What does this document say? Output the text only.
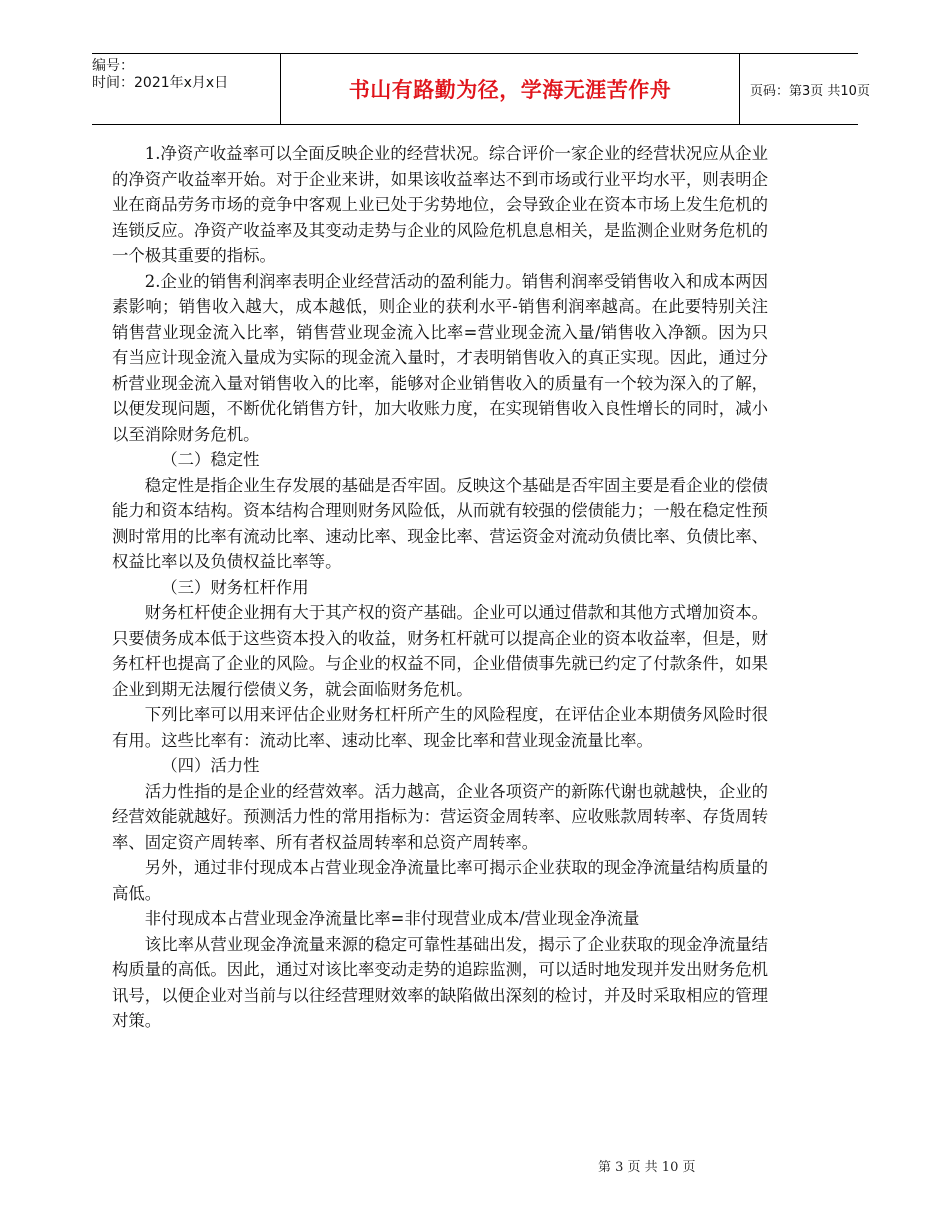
编号：
时间：2021年x月x日	书山有路勤为径，学海无涯苦作舟	页码：第3页 共10页

1.净资产收益率可以全面反映企业的经营状况。综合评价一家企业的经营状况应从企业的净资产收益率开始。对于企业来讲，如果该收益率达不到市场或行业平均水平，则表明企业在商品劳务市场的竞争中客观上业已处于劣势地位，会导致企业在资本市场上发生危机的连锁反应。净资产收益率及其变动走势与企业的风险危机息息相关，是监测企业财务危机的一个极其重要的指标。

2.企业的销售利润率表明企业经营活动的盈利能力。销售利润率受销售收入和成本两因素影响；销售收入越大，成本越低，则企业的获利水平-销售利润率越高。在此要特别关注销售营业现金流入比率，销售营业现金流入比率=营业现金流入量/销售收入净额。因为只有当应计现金流入量成为实际的现金流入量时，才表明销售收入的真正实现。因此，通过分析营业现金流入量对销售收入的比率，能够对企业销售收入的质量有一个较为深入的了解，以便发现问题，不断优化销售方针，加大收账力度，在实现销售收入良性增长的同时，减小以至消除财务危机。

（二）稳定性

稳定性是指企业生存发展的基础是否牢固。反映这个基础是否牢固主要是看企业的偿债能力和资本结构。资本结构合理则财务风险低，从而就有较强的偿债能力；一般在稳定性预测时常用的比率有流动比率、速动比率、现金比率、营运资金对流动负债比率、负债比率、权益比率以及负债权益比率等。

（三）财务杠杆作用

财务杠杆使企业拥有大于其产权的资产基础。企业可以通过借款和其他方式增加资本。只要债务成本低于这些资本投入的收益，财务杠杆就可以提高企业的资本收益率，但是，财务杠杆也提高了企业的风险。与企业的权益不同，企业借债事先就已约定了付款条件，如果企业到期无法履行偿债义务，就会面临财务危机。

下列比率可以用来评估企业财务杠杆所产生的风险程度，在评估企业本期债务风险时很有用。这些比率有：流动比率、速动比率、现金比率和营业现金流量比率。

（四）活力性

活力性指的是企业的经营效率。活力越高，企业各项资产的新陈代谢也就越快，企业的经营效能就越好。预测活力性的常用指标为：营运资金周转率、应收账款周转率、存货周转率、固定资产周转率、所有者权益周转率和总资产周转率。

另外，通过非付现成本占营业现金净流量比率可揭示企业获取的现金净流量结构质量的高低。

非付现成本占营业现金净流量比率=非付现营业成本/营业现金净流量

该比率从营业现金净流量来源的稳定可靠性基础出发，揭示了企业获取的现金净流量结构质量的高低。因此，通过对该比率变动走势的追踪监测，可以适时地发现并发出财务危机讯号，以便企业对当前与以往经营理财效率的缺陷做出深刻的检讨，并及时采取相应的管理对策。

第 3 页 共 10 页
